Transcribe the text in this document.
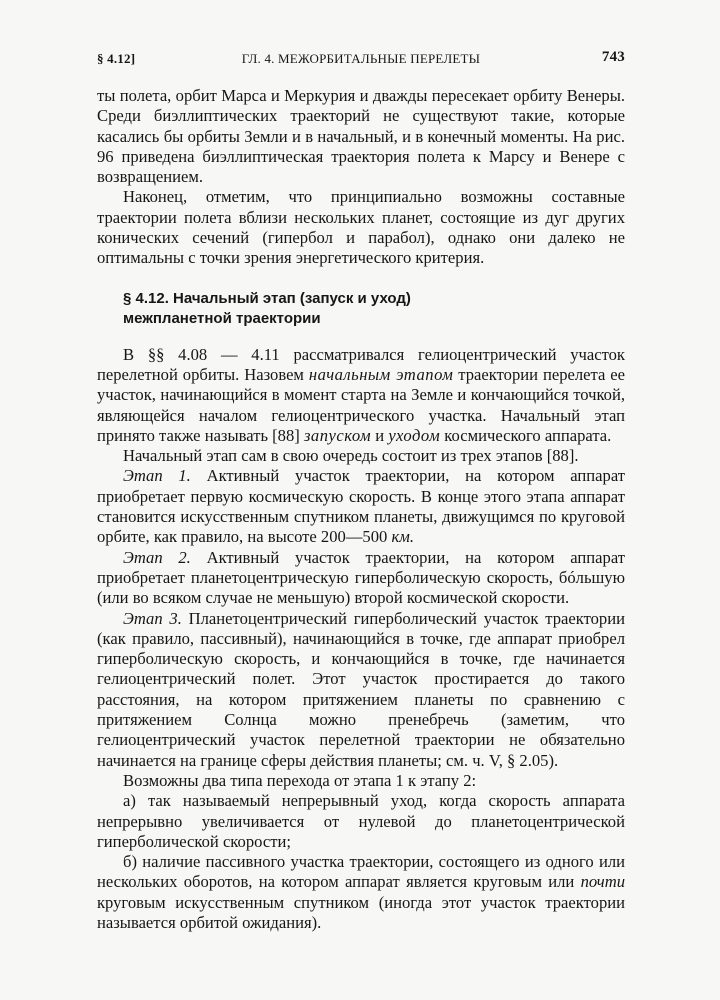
§ 4.12]	ГЛ. 4. МЕЖОРБИТАЛЬНЫЕ ПЕРЕЛЕТЫ	743

ты полета, орбит Марса и Меркурия и дважды пересекает орбиту Венеры. Среди биэллиптических траекторий не существуют такие, которые касались бы орбиты Земли и в начальный, и в конечный моменты. На рис. 96 приведена биэллиптическая траектория полета к Марсу и Венере с возвращением.

Наконец, отметим, что принципиально возможны составные траектории полета вблизи нескольких планет, состоящие из дуг других конических сечений (гипербол и парабол), однако они далеко не оптимальны с точки зрения энергетического критерия.

§ 4.12. Начальный этап (запуск и уход)
межпланетной траектории

В §§ 4.08 — 4.11 рассматривался гелиоцентрический участок перелетной орбиты. Назовем начальным этапом траектории перелета ее участок, начинающийся в момент старта на Земле и кончающийся точкой, являющейся началом гелиоцентрического участка. Начальный этап принято также называть [88] запуском и уходом космического аппарата.

Начальный этап сам в свою очередь состоит из трех этапов [88].

Этап 1. Активный участок траектории, на котором аппарат приобретает первую космическую скорость. В конце этого этапа аппарат становится искусственным спутником планеты, движущимся по круговой орбите, как правило, на высоте 200—500 км.

Этап 2. Активный участок траектории, на котором аппарат приобретает планетоцентрическую гиперболическую скорость, бóльшую (или во всяком случае не меньшую) второй космической скорости.

Этап 3. Планетоцентрический гиперболический участок траектории (как правило, пассивный), начинающийся в точке, где аппарат приобрел гиперболическую скорость, и кончающийся в точке, где начинается гелиоцентрический полет. Этот участок простирается до такого расстояния, на котором притяжением планеты по сравнению с притяжением Солнца можно пренебречь (заметим, что гелиоцентрический участок перелетной траектории не обязательно начинается на границе сферы действия планеты; см. ч. V, § 2.05).

Возможны два типа перехода от этапа 1 к этапу 2:

а) так называемый непрерывный уход, когда скорость аппарата непрерывно увеличивается от нулевой до планетоцентрической гиперболической скорости;

б) наличие пассивного участка траектории, состоящего из одного или нескольких оборотов, на котором аппарат является круговым или почти круговым искусственным спутником (иногда этот участок траектории называется орбитой ожидания).
